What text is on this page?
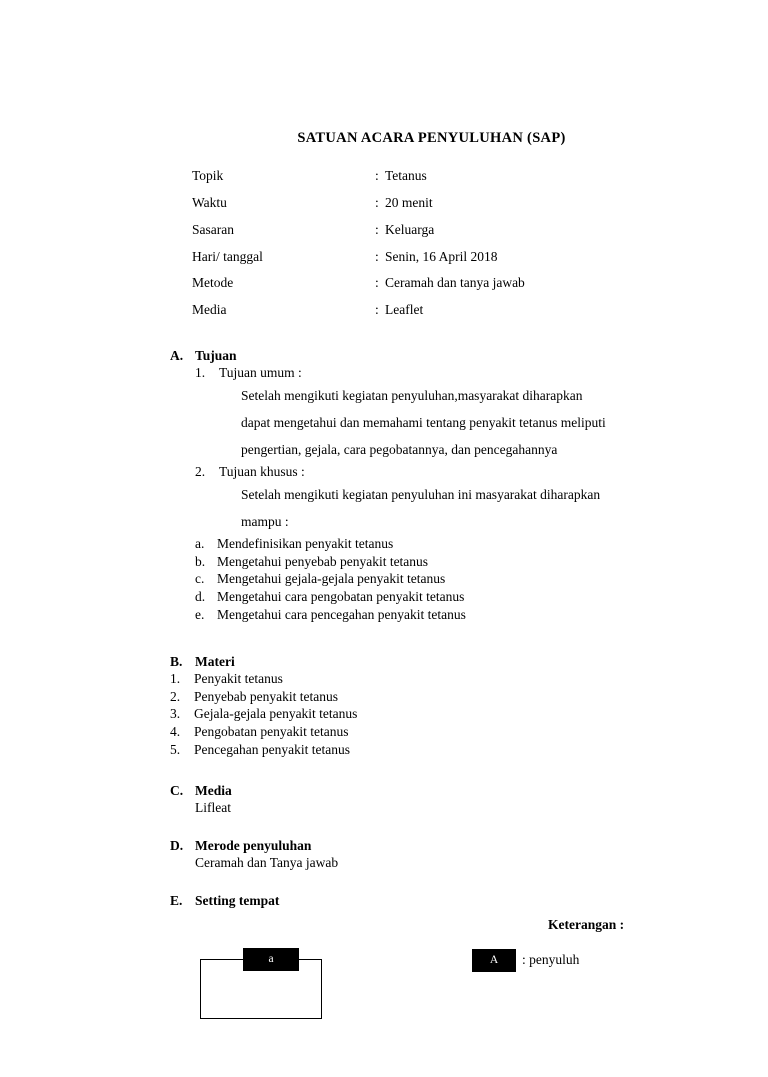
SATUAN ACARA PENYULUHAN (SAP)
Topik	:	Tetanus
Waktu	:	20 menit
Sasaran	:	Keluarga
Hari/ tanggal	:	Senin, 16 April 2018
Metode	:	Ceramah dan tanya jawab
Media	:	Leaflet
A. Tujuan
1.	Tujuan umum :
Setelah mengikuti kegiatan penyuluhan,masyarakat diharapkan
dapat mengetahui dan memahami tentang penyakit tetanus meliputi
pengertian, gejala, cara pegobatannya, dan pencegahannya
2.	Tujuan khusus :
Setelah mengikuti kegiatan penyuluhan ini masyarakat diharapkan
mampu :
a. Mendefinisikan penyakit tetanus
b. Mengetahui penyebab penyakit tetanus
c. Mengetahui gejala-gejala penyakit tetanus
d. Mengetahui cara pengobatan penyakit tetanus
e. Mengetahui cara pencegahan penyakit tetanus
B. Materi
1.	Penyakit tetanus
2.	Penyebab penyakit tetanus
3.	Gejala-gejala penyakit tetanus
4.	Pengobatan penyakit tetanus
5.	Pencegahan penyakit tetanus
C. Media
Lifleat
D. Merode penyuluhan
Ceramah dan Tanya jawab
E. Setting tempat
Keterangan :
a	A	: penyuluh
